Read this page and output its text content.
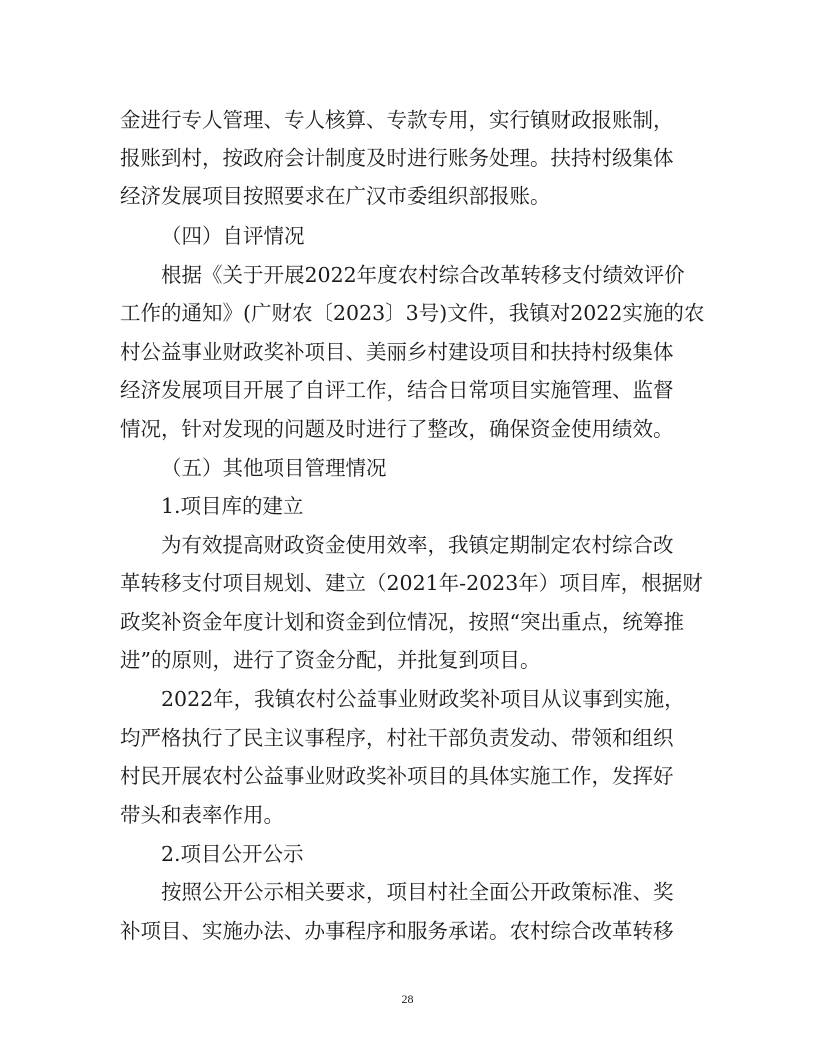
金进行专人管理、专人核算、专款专用，实行镇财政报账制，
报账到村，按政府会计制度及时进行账务处理。扶持村级集体
经济发展项目按照要求在广汉市委组织部报账。
（四）自评情况
根据《关于开展2022年度农村综合改革转移支付绩效评价
工作的通知》(广财农〔2023〕3号)文件，我镇对2022实施的农
村公益事业财政奖补项目、美丽乡村建设项目和扶持村级集体
经济发展项目开展了自评工作，结合日常项目实施管理、监督
情况，针对发现的问题及时进行了整改，确保资金使用绩效。
（五）其他项目管理情况
1.项目库的建立
为有效提高财政资金使用效率，我镇定期制定农村综合改
革转移支付项目规划、建立（2021年-2023年）项目库，根据财
政奖补资金年度计划和资金到位情况，按照“突出重点，统筹推
进”的原则，进行了资金分配，并批复到项目。
2022年，我镇农村公益事业财政奖补项目从议事到实施，
均严格执行了民主议事程序，村社干部负责发动、带领和组织
村民开展农村公益事业财政奖补项目的具体实施工作，发挥好
带头和表率作用。
2.项目公开公示
按照公开公示相关要求，项目村社全面公开政策标准、奖
补项目、实施办法、办事程序和服务承诺。农村综合改革转移
28
